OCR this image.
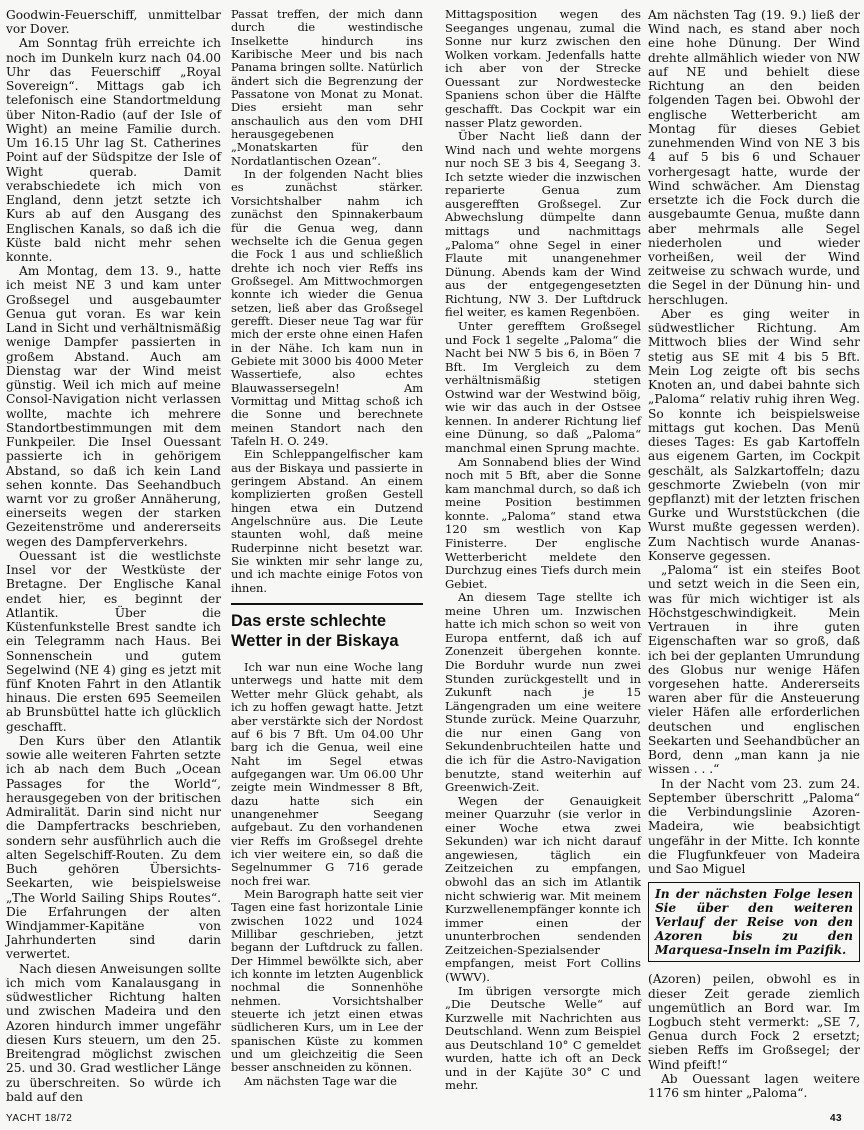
Goodwin-Feuerschiff, unmittelbar vor Dover.

Am Sonntag früh erreichte ich noch im Dunkeln kurz nach 04.00 Uhr das Feuerschiff „Royal Sovereign“. Mittags gab ich telefonisch eine Standortmeldung über Niton-Radio (auf der Isle of Wight) an meine Familie durch. Um 16.15 Uhr lag St. Catherines Point auf der Südspitze der Isle of Wight querab. Damit verabschiedete ich mich von England, denn jetzt setzte ich Kurs ab auf den Ausgang des Englischen Kanals, so daß ich die Küste bald nicht mehr sehen konnte.

Am Montag, dem 13. 9., hatte ich meist NE 3 und kam unter Großsegel und ausgebaumter Genua gut voran. Es war kein Land in Sicht und verhältnismäßig wenige Dampfer passierten in großem Abstand. Auch am Dienstag war der Wind meist günstig. Weil ich mich auf meine Consol-Navigation nicht verlassen wollte, machte ich mehrere Standortbestimmungen mit dem Funkpeiler. Die Insel Ouessant passierte ich in gehörigem Abstand, so daß ich kein Land sehen konnte. Das Seehandbuch warnt vor zu großer Annäherung, einerseits wegen der starken Gezeitenströme und andererseits wegen des Dampferverkehrs.

Ouessant ist die westlichste Insel vor der Westküste der Bretagne. Der Englische Kanal endet hier, es beginnt der Atlantik. Über die Küstenfunkstelle Brest sandte ich ein Telegramm nach Haus. Bei Sonnenschein und gutem Segelwind (NE 4) ging es jetzt mit fünf Knoten Fahrt in den Atlantik hinaus. Die ersten 695 Seemeilen ab Brunsbüttel hatte ich glücklich geschafft.

Den Kurs über den Atlantik sowie alle weiteren Fahrten setzte ich ab nach dem Buch „Ocean Passages for the World“, herausgegeben von der britischen Admiralität. Darin sind nicht nur die Dampfertracks beschrieben, sondern sehr ausführlich auch die alten Segelschiff-Routen. Zu dem Buch gehören Übersichts-Seekarten, wie beispielsweise „The World Sailing Ships Routes“. Die Erfahrungen der alten Windjammer-Kapitäne von Jahrhunderten sind darin verwertet.

Nach diesen Anweisungen sollte ich mich vom Kanalausgang in südwestlicher Richtung halten und zwischen Madeira und den Azoren hindurch immer ungefähr diesen Kurs steuern, um den 25. Breitengrad möglichst zwischen 25. und 30. Grad westlicher Länge zu überschreiten. So würde ich bald auf den

Passat treffen, der mich dann durch die westindische Inselkette hindurch ins Karibische Meer und bis nach Panama bringen sollte. Natürlich ändert sich die Begrenzung der Passatone von Monat zu Monat. Dies ersieht man sehr anschaulich aus den vom DHI herausgegebenen „Monatskarten für den Nordatlantischen Ozean“.

In der folgenden Nacht blies es zunächst stärker. Vorsichtshalber nahm ich zunächst den Spinnakerbaum für die Genua weg, dann wechselte ich die Genua gegen die Fock 1 aus und schließlich drehte ich noch vier Reffs ins Großsegel. Am Mittwochmorgen konnte ich wieder die Genua setzen, ließ aber das Großsegel gerefft. Dieser neue Tag war für mich der erste ohne einen Hafen in der Nähe. Ich kam nun in Gebiete mit 3000 bis 4000 Meter Wassertiefe, also echtes Blauwassersegeln! Am Vormittag und Mittag schoß ich die Sonne und berechnete meinen Standort nach den Tafeln H. O. 249.

Ein Schleppangelfischer kam aus der Biskaya und passierte in geringem Abstand. An einem komplizierten großen Gestell hingen etwa ein Dutzend Angelschnüre aus. Die Leute staunten wohl, daß meine Ruderpinne nicht besetzt war. Sie winkten mir sehr lange zu, und ich machte einige Fotos von ihnen.

Das erste schlechte Wetter in der Biskaya

Ich war nun eine Woche lang unterwegs und hatte mit dem Wetter mehr Glück gehabt, als ich zu hoffen gewagt hatte. Jetzt aber verstärkte sich der Nordost auf 6 bis 7 Bft. Um 04.00 Uhr barg ich die Genua, weil eine Naht im Segel etwas aufgegangen war. Um 06.00 Uhr zeigte mein Windmesser 8 Bft, dazu hatte sich ein unangenehmer Seegang aufgebaut. Zu den vorhandenen vier Reffs im Großsegel drehte ich vier weitere ein, so daß die Segelnummer G 716 gerade noch frei war.

Mein Barograph hatte seit vier Tagen eine fast horizontale Linie zwischen 1022 und 1024 Millibar geschrieben, jetzt begann der Luftdruck zu fallen. Der Himmel bewölkte sich, aber ich konnte im letzten Augenblick nochmal die Sonnenhöhe nehmen. Vorsichtshalber steuerte ich jetzt einen etwas südlicheren Kurs, um in Lee der spanischen Küste zu kommen und um gleichzeitig die Seen besser anschneiden zu können.

Am nächsten Tage war die

Mittagsposition wegen des Seeganges ungenau, zumal die Sonne nur kurz zwischen den Wolken vorkam. Jedenfalls hatte ich aber von der Strecke Ouessant zur Nordwestecke Spaniens schon über die Hälfte geschafft. Das Cockpit war ein nasser Platz geworden.

Über Nacht ließ dann der Wind nach und wehte morgens nur noch SE 3 bis 4, Seegang 3. Ich setzte wieder die inzwischen reparierte Genua zum ausgerefften Großsegel. Zur Abwechslung dümpelte dann mittags und nachmittags „Paloma“ ohne Segel in einer Flaute mit unangenehmer Dünung. Abends kam der Wind aus der entgegengesetzten Richtung, NW 3. Der Luftdruck fiel weiter, es kamen Regenböen.

Unter gerefftem Großsegel und Fock 1 segelte „Paloma“ die Nacht bei NW 5 bis 6, in Böen 7 Bft. Im Vergleich zu dem verhältnismäßig stetigen Ostwind war der Westwind böig, wie wir das auch in der Ostsee kennen. In anderer Richtung lief eine Dünung, so daß „Paloma“ manchmal einen Sprung machte.

Am Sonnabend blies der Wind noch mit 5 Bft, aber die Sonne kam manchmal durch, so daß ich meine Position bestimmen konnte. „Paloma“ stand etwa 120 sm westlich von Kap Finisterre. Der englische Wetterbericht meldete den Durchzug eines Tiefs durch mein Gebiet.

An diesem Tage stellte ich meine Uhren um. Inzwischen hatte ich mich schon so weit von Europa entfernt, daß ich auf Zonenzeit übergehen konnte. Die Borduhr wurde nun zwei Stunden zurückgestellt und in Zukunft nach je 15 Längengraden um eine weitere Stunde zurück. Meine Quarzuhr, die nur einen Gang von Sekundenbruchteilen hatte und die ich für die Astro-Navigation benutzte, stand weiterhin auf Greenwich-Zeit.

Wegen der Genauigkeit meiner Quarzuhr (sie verlor in einer Woche etwa zwei Sekunden) war ich nicht darauf angewiesen, täglich ein Zeitzeichen zu empfangen, obwohl das an sich im Atlantik nicht schwierig war. Mit meinem Kurzwellenempfänger konnte ich immer einen der ununterbrochen sendenden Zeitzeichen-Spezialsender empfangen, meist Fort Collins (WWV).

Im übrigen versorgte mich „Die Deutsche Welle“ auf Kurzwelle mit Nachrichten aus Deutschland. Wenn zum Beispiel aus Deutschland 10° C gemeldet wurden, hatte ich oft an Deck und in der Kajüte 30° C und mehr.

Am nächsten Tag (19. 9.) ließ der Wind nach, es stand aber noch eine hohe Dünung. Der Wind drehte allmählich wieder von NW auf NE und behielt diese Richtung an den beiden folgenden Tagen bei. Obwohl der englische Wetterbericht am Montag für dieses Gebiet zunehmenden Wind von NE 3 bis 4 auf 5 bis 6 und Schauer vorhergesagt hatte, wurde der Wind schwächer. Am Dienstag ersetzte ich die Fock durch die ausgebaumte Genua, mußte dann aber mehrmals alle Segel niederholen und wieder vorheißen, weil der Wind zeitweise zu schwach wurde, und die Segel in der Dünung hin- und herschlugen.

Aber es ging weiter in südwestlicher Richtung. Am Mittwoch blies der Wind sehr stetig aus SE mit 4 bis 5 Bft. Mein Log zeigte oft bis sechs Knoten an, und dabei bahnte sich „Paloma“ relativ ruhig ihren Weg. So konnte ich beispielsweise mittags gut kochen. Das Menü dieses Tages: Es gab Kartoffeln aus eigenem Garten, im Cockpit geschält, als Salzkartoffeln; dazu geschmorte Zwiebeln (von mir gepflanzt) mit der letzten frischen Gurke und Wurststückchen (die Wurst mußte gegessen werden). Zum Nachtisch wurde Ananas-Konserve gegessen.

„Paloma“ ist ein steifes Boot und setzt weich in die Seen ein, was für mich wichtiger ist als Höchstgeschwindigkeit. Mein Vertrauen in ihre guten Eigenschaften war so groß, daß ich bei der geplanten Umrundung des Globus nur wenige Häfen vorgesehen hatte. Andererseits waren aber für die Ansteuerung vieler Häfen alle erforderlichen deutschen und englischen Seekarten und Seehandbücher an Bord, denn „man kann ja nie wissen . . .“

In der Nacht vom 23. zum 24. September überschritt „Paloma“ die Verbindungslinie Azoren-Madeira, wie beabsichtigt ungefähr in der Mitte. Ich konnte die Flugfunkfeuer von Madeira und Sao Miguel

In der nächsten Folge lesen Sie über den weiteren Verlauf der Reise von den Azoren bis zu den Marquesa-Inseln im Pazifik.

(Azoren) peilen, obwohl es in dieser Zeit gerade ziemlich ungemütlich an Bord war. Im Logbuch steht vermerkt: „SE 7, Genua durch Fock 2 ersetzt; sieben Reffs im Großsegel; der Wind pfeift!“

Ab Ouessant lagen weitere 1176 sm hinter „Paloma“.

YACHT 18/72	43
